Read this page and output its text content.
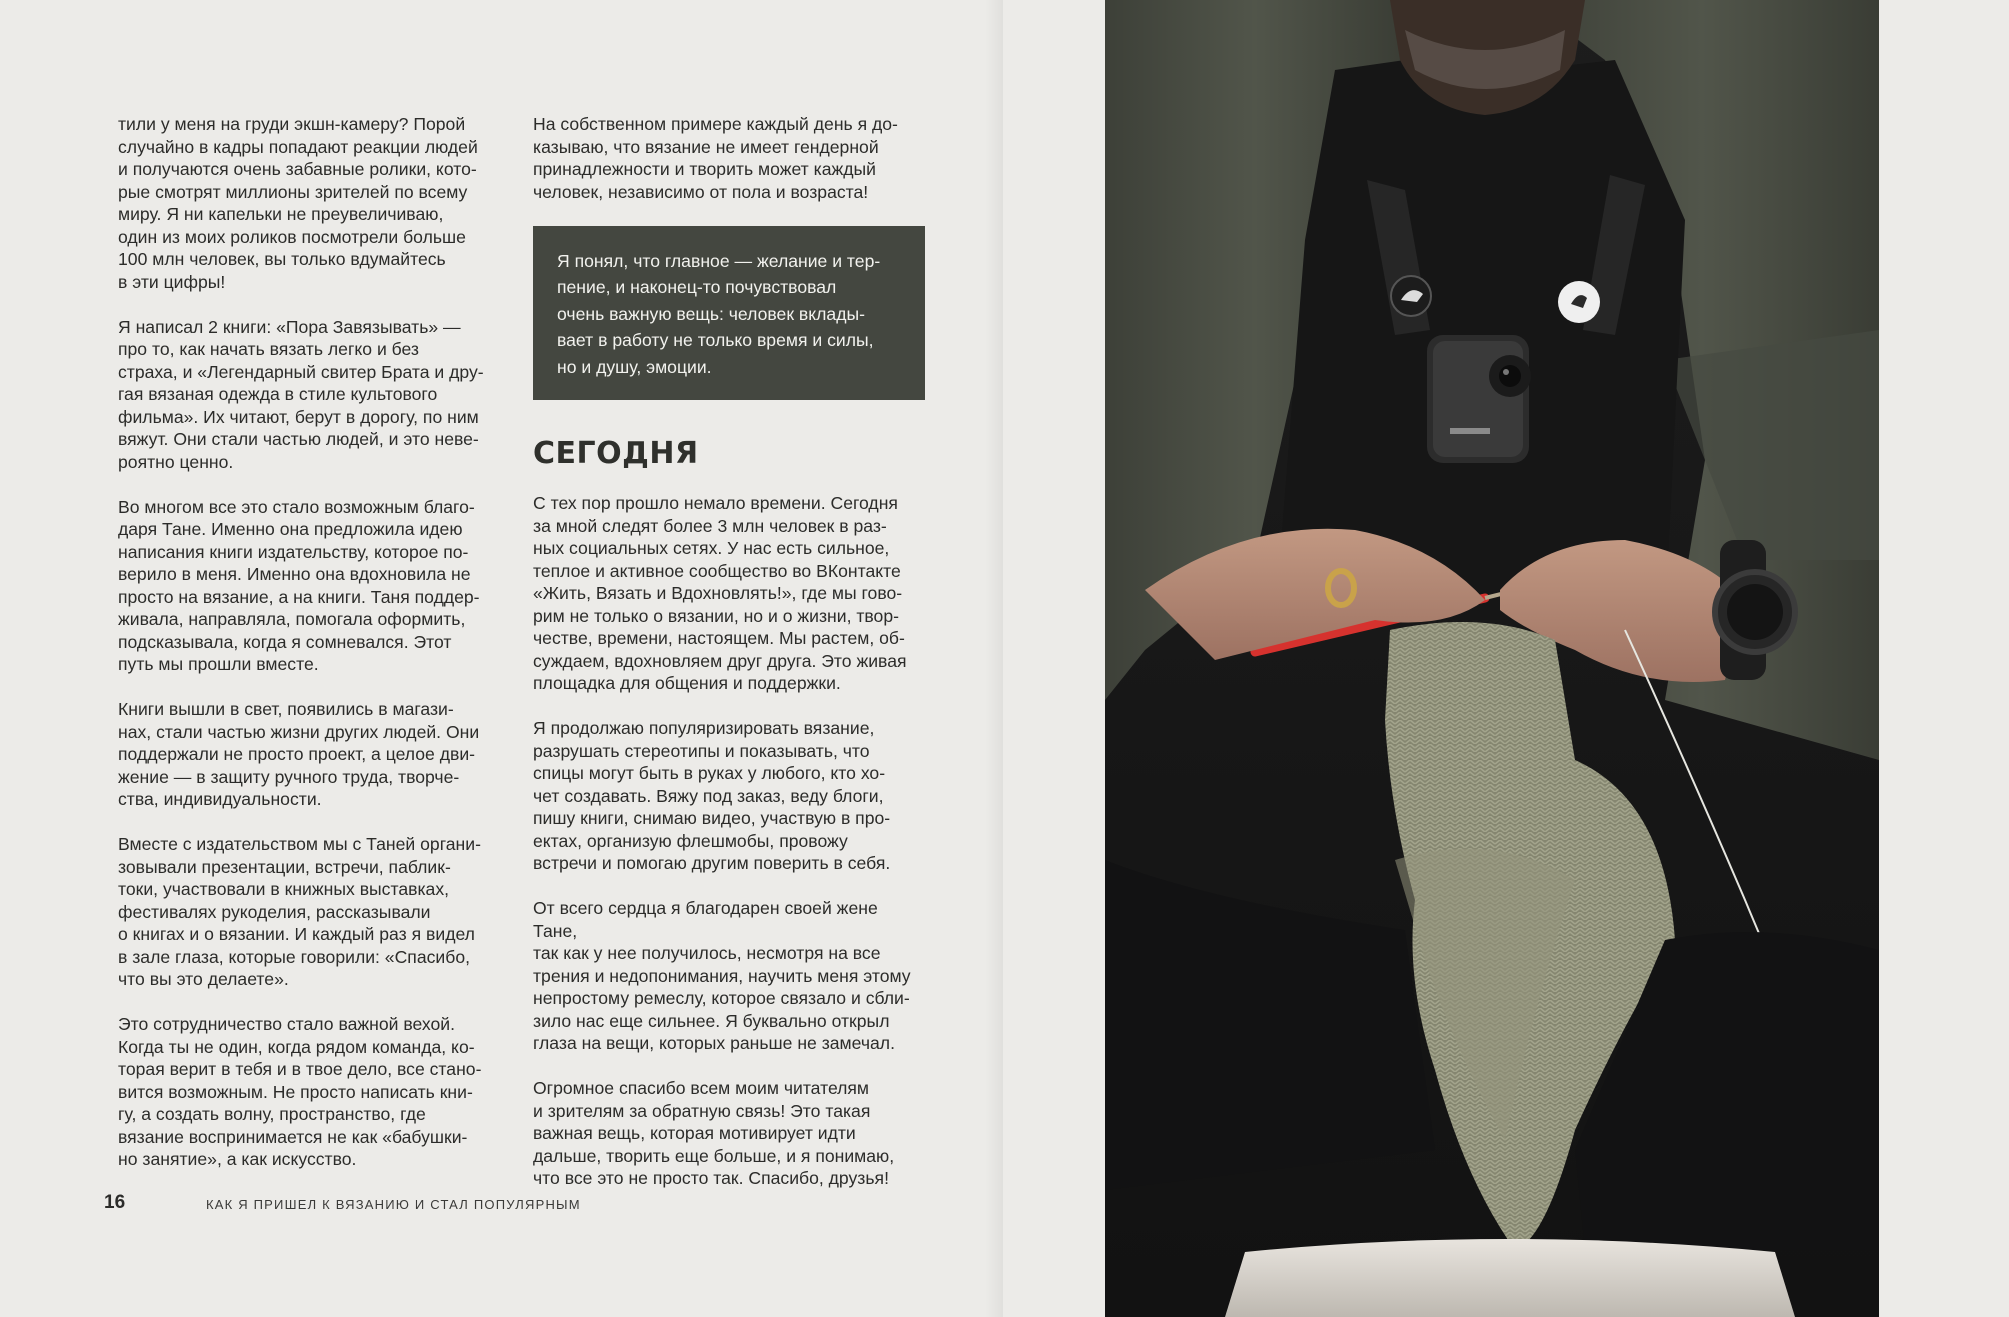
тили у меня на груди экшн-камеру? Порой
случайно в кадры попадают реакции людей
и получаются очень забавные ролики, кото-
рые смотрят миллионы зрителей по всему
миру. Я ни капельки не преувеличиваю,
один из моих роликов посмотрели больше
100 млн человек, вы только вдумайтесь
в эти цифры!

Я написал 2 книги: «Пора Завязывать» —
про то, как начать вязать легко и без
страха, и «Легендарный свитер Брата и дру-
гая вязаная одежда в стиле культового
фильма». Их читают, берут в дорогу, по ним
вяжут. Они стали частью людей, и это неве-
роятно ценно.

Во многом все это стало возможным благо-
даря Тане. Именно она предложила идею
написания книги издательству, которое по-
верило в меня. Именно она вдохновила не
просто на вязание, а на книги. Таня поддер-
живала, направляла, помогала оформить,
подсказывала, когда я сомневался. Этот
путь мы прошли вместе.

Книги вышли в свет, появились в магази-
нах, стали частью жизни других людей. Они
поддержали не просто проект, а целое дви-
жение — в защиту ручного труда, творче-
ства, индивидуальности.

Вместе с издательством мы с Таней органи-
зовывали презентации, встречи, паблик-
токи, участвовали в книжных выставках,
фестивалях рукоделия, рассказывали
о книгах и о вязании. И каждый раз я видел
в зале глаза, которые говорили: «Спасибо,
что вы это делаете».

Это сотрудничество стало важной вехой.
Когда ты не один, когда рядом команда, ко-
торая верит в тебя и в твое дело, все стано-
вится возможным. Не просто написать кни-
гу, а создать волну, пространство, где
вязание воспринимается не как «бабушки-
но занятие», а как искусство.

На собственном примере каждый день я до-
казываю, что вязание не имеет гендерной
принадлежности и творить может каждый
человек, независимо от пола и возраста!

Я понял, что главное — желание и тер-
пение, и наконец-то почувствовал
очень важную вещь: человек вклады-
вает в работу не только время и силы,
но и душу, эмоции.
СЕГОДНЯ

С тех пор прошло немало времени. Сегодня
за мной следят более 3 млн человек в раз-
ных социальных сетях. У нас есть сильное,
теплое и активное сообщество во ВКонтакте
«Жить, Вязать и Вдохновлять!», где мы гово-
рим не только о вязании, но и о жизни, твор-
честве, времени, настоящем. Мы растем, об-
суждаем, вдохновляем друг друга. Это живая
площадка для общения и поддержки.

Я продолжаю популяризировать вязание,
разрушать стереотипы и показывать, что
спицы могут быть в руках у любого, кто хо-
чет создавать. Вяжу под заказ, веду блоги,
пишу книги, снимаю видео, участвую в про-
ектах, организую флешмобы, провожу
встречи и помогаю другим поверить в себя.

От всего сердца я благодарен своей жене Тане,
так как у нее получилось, несмотря на все
трения и недопонимания, научить меня этому
непростому ремеслу, которое связало и сбли-
зило нас еще сильнее. Я буквально открыл
глаза на вещи, которых раньше не замечал.

Огромное спасибо всем моим читателям
и зрителям за обратную связь! Это такая
важная вещь, которая мотивирует идти
дальше, творить еще больше, и я понимаю,
что все это не просто так. Спасибо, друзья!

16	КАК Я ПРИШЕЛ К ВЯЗАНИЮ И СТАЛ ПОПУЛЯРНЫМ
